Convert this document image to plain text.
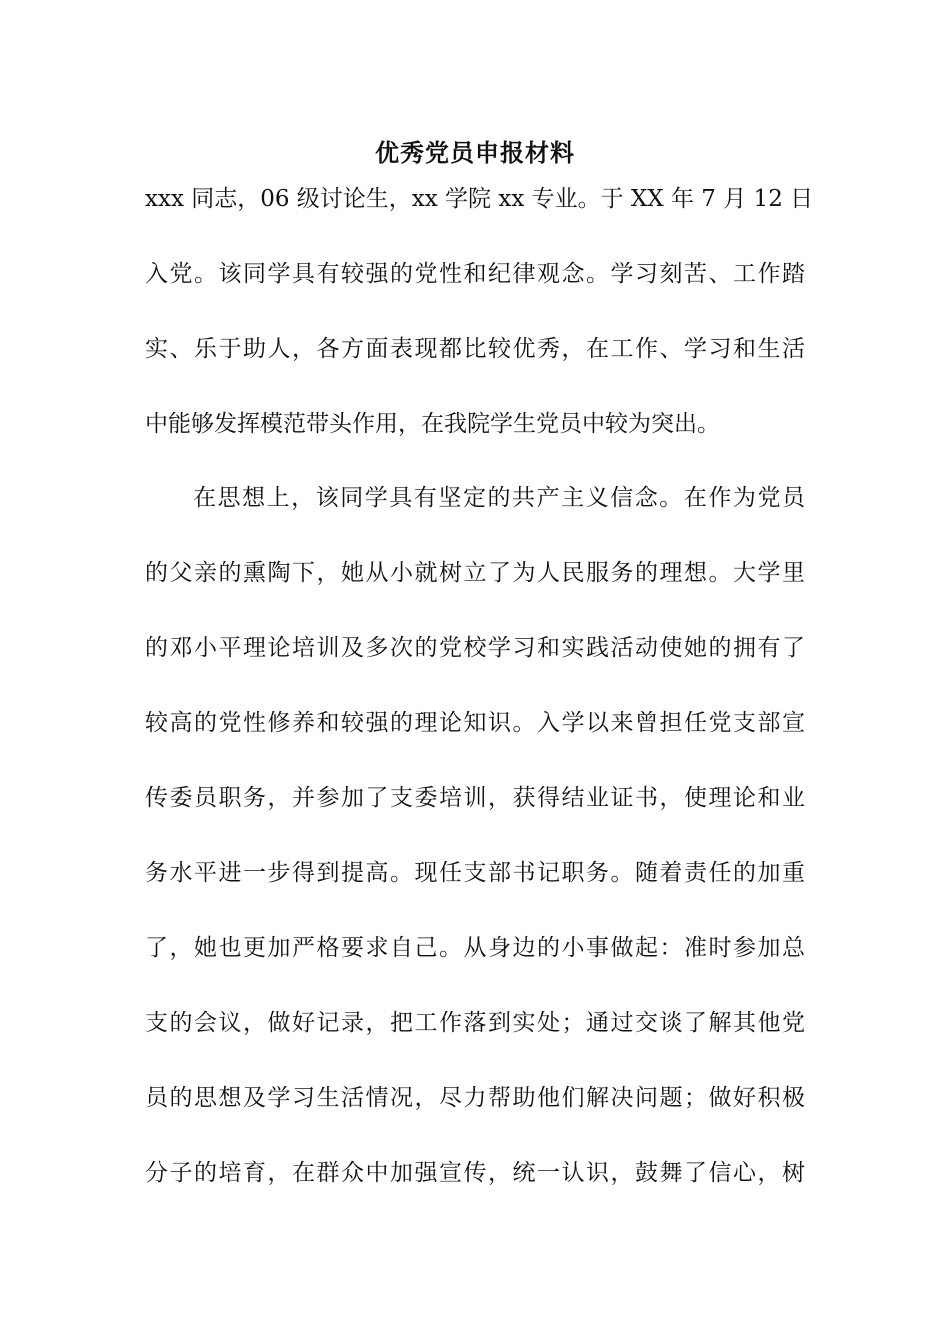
优秀党员申报材料
xxx 同志，06 级讨论生，xx 学院 xx 专业。于 XX 年 7 月 12 日
入党。该同学具有较强的党性和纪律观念。学习刻苦、工作踏
实、乐于助人，各方面表现都比较优秀，在工作、学习和生活
中能够发挥模范带头作用，在我院学生党员中较为突出。
在思想上，该同学具有坚定的共产主义信念。在作为党员
的父亲的熏陶下，她从小就树立了为人民服务的理想。大学里
的邓小平理论培训及多次的党校学习和实践活动使她的拥有了
较高的党性修养和较强的理论知识。入学以来曾担任党支部宣
传委员职务，并参加了支委培训，获得结业证书，使理论和业
务水平进一步得到提高。现任支部书记职务。随着责任的加重
了，她也更加严格要求自己。从身边的小事做起：准时参加总
支的会议，做好记录，把工作落到实处；通过交谈了解其他党
员的思想及学习生活情况，尽力帮助他们解决问题；做好积极
分子的培育，在群众中加强宣传，统一认识，鼓舞了信心，树
